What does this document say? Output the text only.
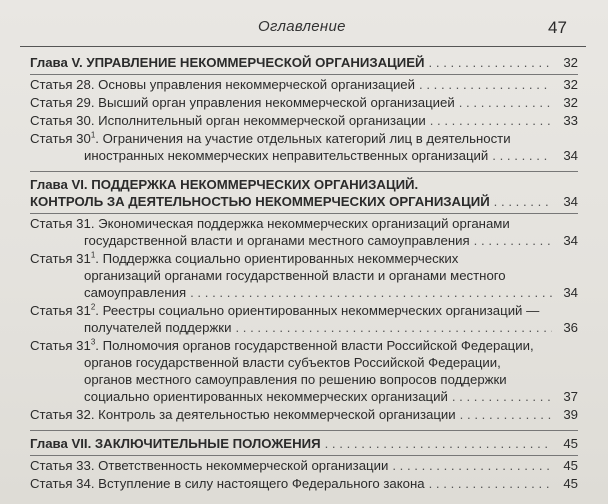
Оглавление	47
Глава V. УПРАВЛЕНИЕ НЕКОММЕРЧЕСКОЙ ОРГАНИЗАЦИЕЙ . . .	32
Статья 28. Основы управления некоммерческой организацией . . .	32
Статья 29. Высший орган управления некоммерческой организацией . . .	32
Статья 30. Исполнительный орган некоммерческой организации . . .	33
Статья $30^1$. Ограничения на участие отдельных категорий лиц в деятельности
иностранных некоммерческих неправительственных организаций . . .	34
Глава VI. ПОДДЕРЖКА НЕКОММЕРЧЕСКИХ ОРГАНИЗАЦИЙ.
КОНТРОЛЬ ЗА ДЕЯТЕЛЬНОСТЬЮ НЕКОММЕРЧЕСКИХ ОРГАНИЗАЦИЙ . . .	34
Статья 31. Экономическая поддержка некоммерческих организаций органами
государственной власти и органами местного самоуправления . . .	34
Статья $31^1$. Поддержка социально ориентированных некоммерческих
организаций органами государственной власти и органами местного
самоуправления . . .	34
Статья $31^2$. Реестры социально ориентированных некоммерческих организаций —
получателей поддержки . . .	36
Статья $31^3$. Полномочия органов государственной власти Российской Федерации,
органов государственной власти субъектов Российской Федерации,
органов местного самоуправления по решению вопросов поддержки
социально ориентированных некоммерческих организаций . . .	37
Статья 32. Контроль за деятельностью некоммерческой организации . . .	39
Глава VII. ЗАКЛЮЧИТЕЛЬНЫЕ ПОЛОЖЕНИЯ . . .	45
Статья 33. Ответственность некоммерческой организации . . .	45
Статья 34. Вступление в силу настоящего Федерального закона . . .	45
